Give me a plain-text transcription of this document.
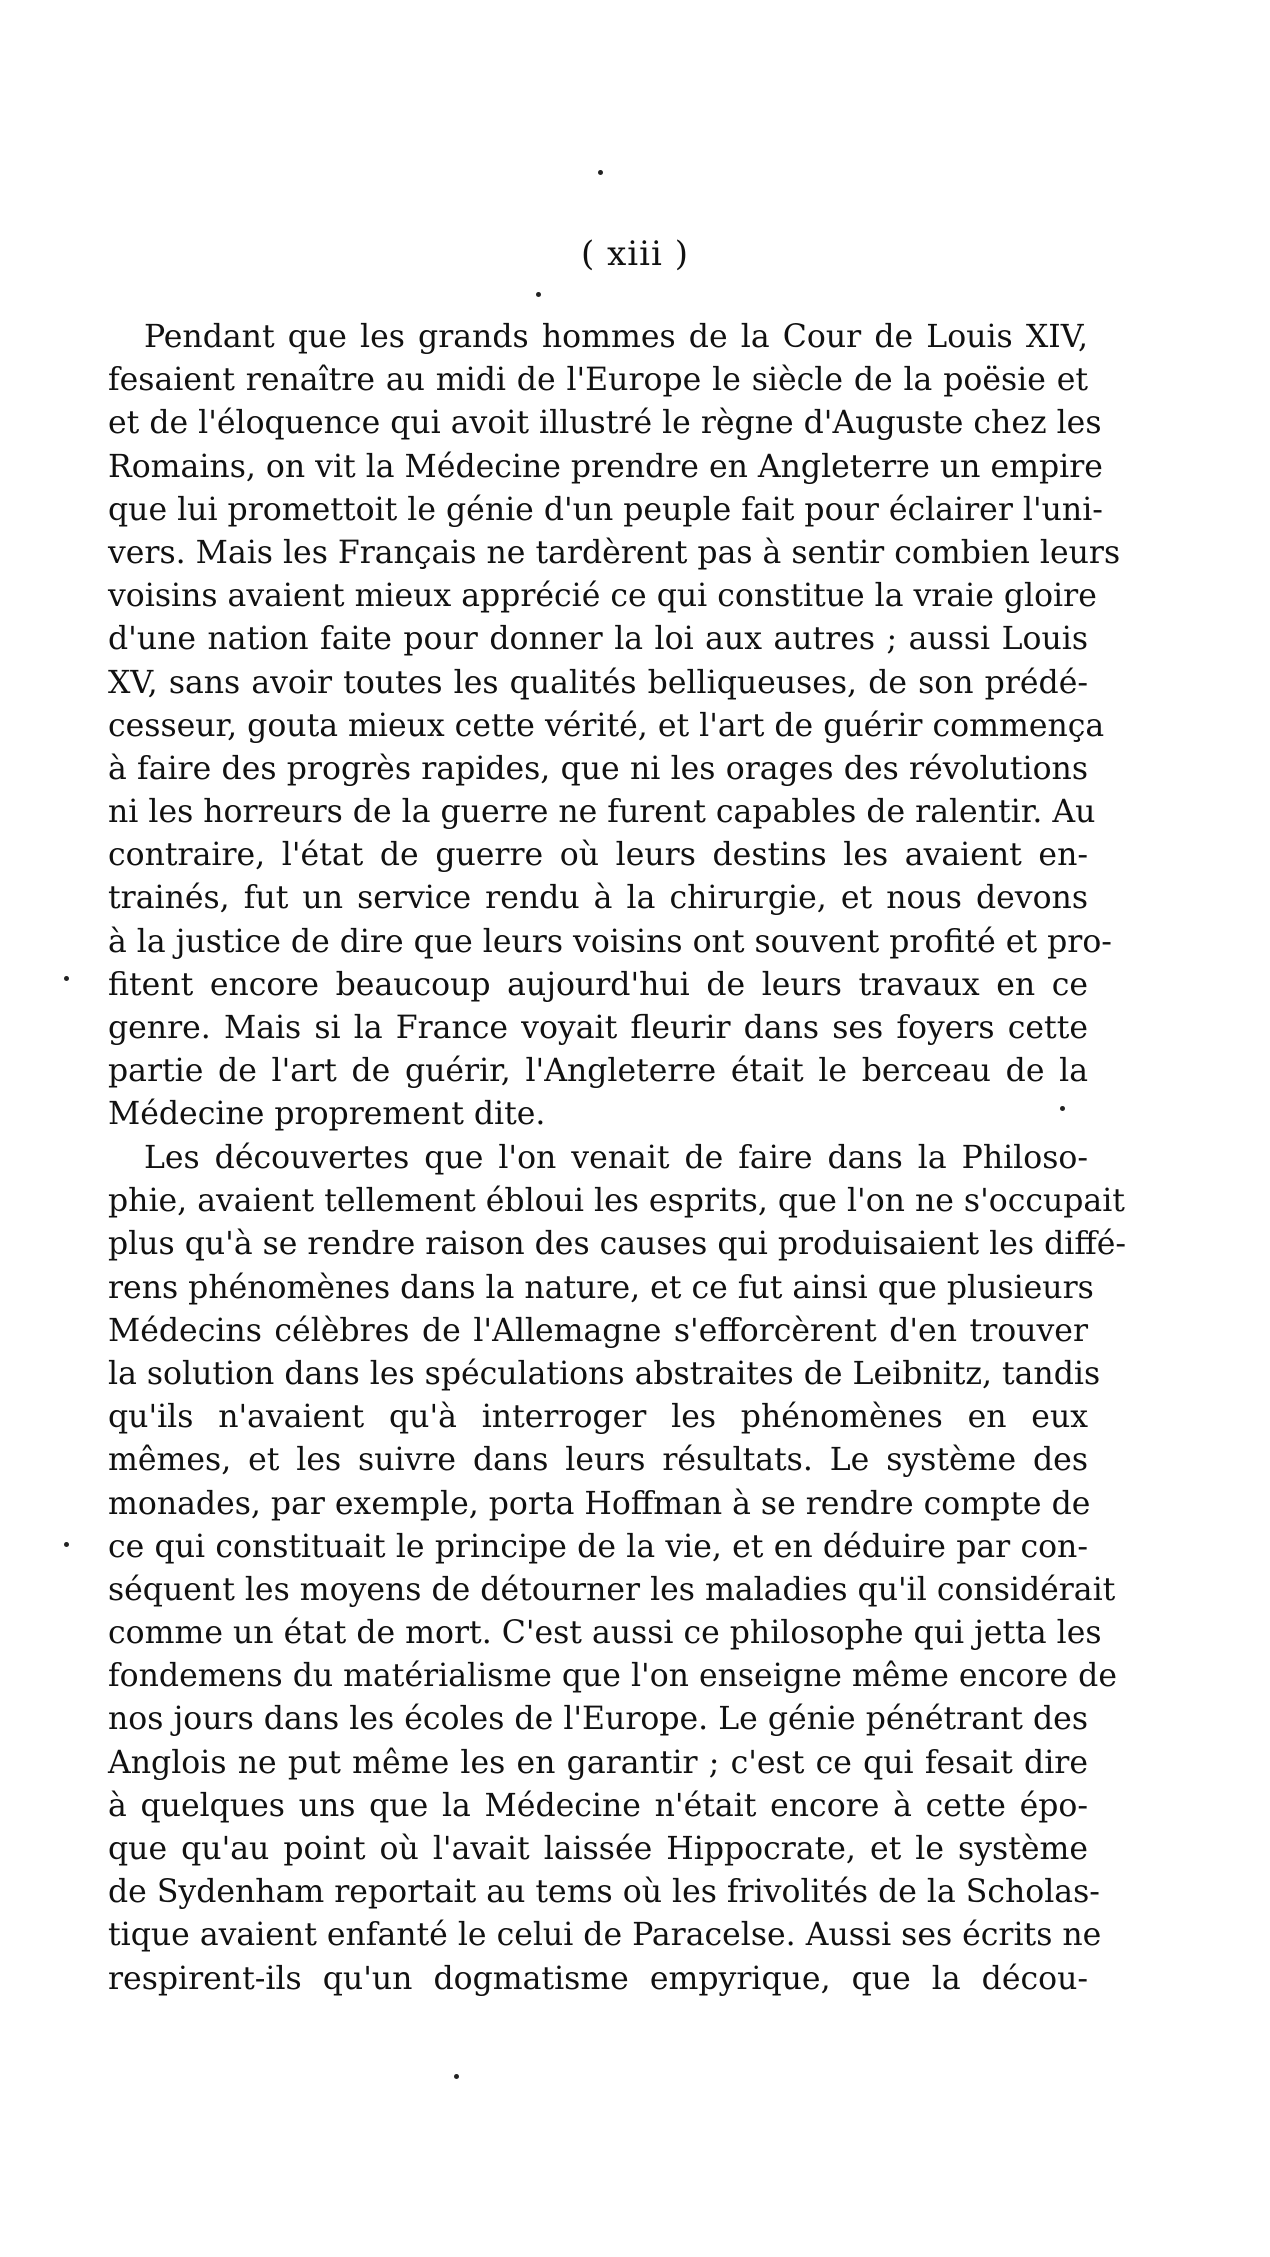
( xiii )
Pendant que les grands hommes de la Cour de Louis XIV,
fesaient renaître au midi de l'Europe le siècle de la poësie et
et de l'éloquence qui avoit illustré le règne d'Auguste chez les
Romains, on vit la Médecine prendre en Angleterre un empire
que lui promettoit le génie d'un peuple fait pour éclairer l'uni-
vers. Mais les Français ne tardèrent pas à sentir combien leurs
voisins avaient mieux apprécié ce qui constitue la vraie gloire
d'une nation faite pour donner la loi aux autres ; aussi Louis
XV, sans avoir toutes les qualités belliqueuses, de son prédé-
cesseur, gouta mieux cette vérité, et l'art de guérir commença
à faire des progrès rapides, que ni les orages des révolutions
ni les horreurs de la guerre ne furent capables de ralentir. Au
contraire, l'état de guerre où leurs destins les avaient en-
trainés, fut un service rendu à la chirurgie, et nous devons
à la justice de dire que leurs voisins ont souvent profité et pro-
fitent encore beaucoup aujourd'hui de leurs travaux en ce
genre. Mais si la France voyait fleurir dans ses foyers cette
partie de l'art de guérir, l'Angleterre était le berceau de la
Médecine proprement dite.
Les découvertes que l'on venait de faire dans la Philoso-
phie, avaient tellement ébloui les esprits, que l'on ne s'occupait
plus qu'à se rendre raison des causes qui produisaient les diffé-
rens phénomènes dans la nature, et ce fut ainsi que plusieurs
Médecins célèbres de l'Allemagne s'efforcèrent d'en trouver
la solution dans les spéculations abstraites de Leibnitz, tandis
qu'ils n'avaient qu'à interroger les phénomènes en eux
mêmes, et les suivre dans leurs résultats. Le système des
monades, par exemple, porta Hoffman à se rendre compte de
ce qui constituait le principe de la vie, et en déduire par con-
séquent les moyens de détourner les maladies qu'il considérait
comme un état de mort. C'est aussi ce philosophe qui jetta les
fondemens du matérialisme que l'on enseigne même encore de
nos jours dans les écoles de l'Europe. Le génie pénétrant des
Anglois ne put même les en garantir ; c'est ce qui fesait dire
à quelques uns que la Médecine n'était encore à cette épo-
que qu'au point où l'avait laissée Hippocrate, et le système
de Sydenham reportait au tems où les frivolités de la Scholas-
tique avaient enfanté le celui de Paracelse. Aussi ses écrits ne
respirent-ils qu'un dogmatisme empyrique, que la décou-
